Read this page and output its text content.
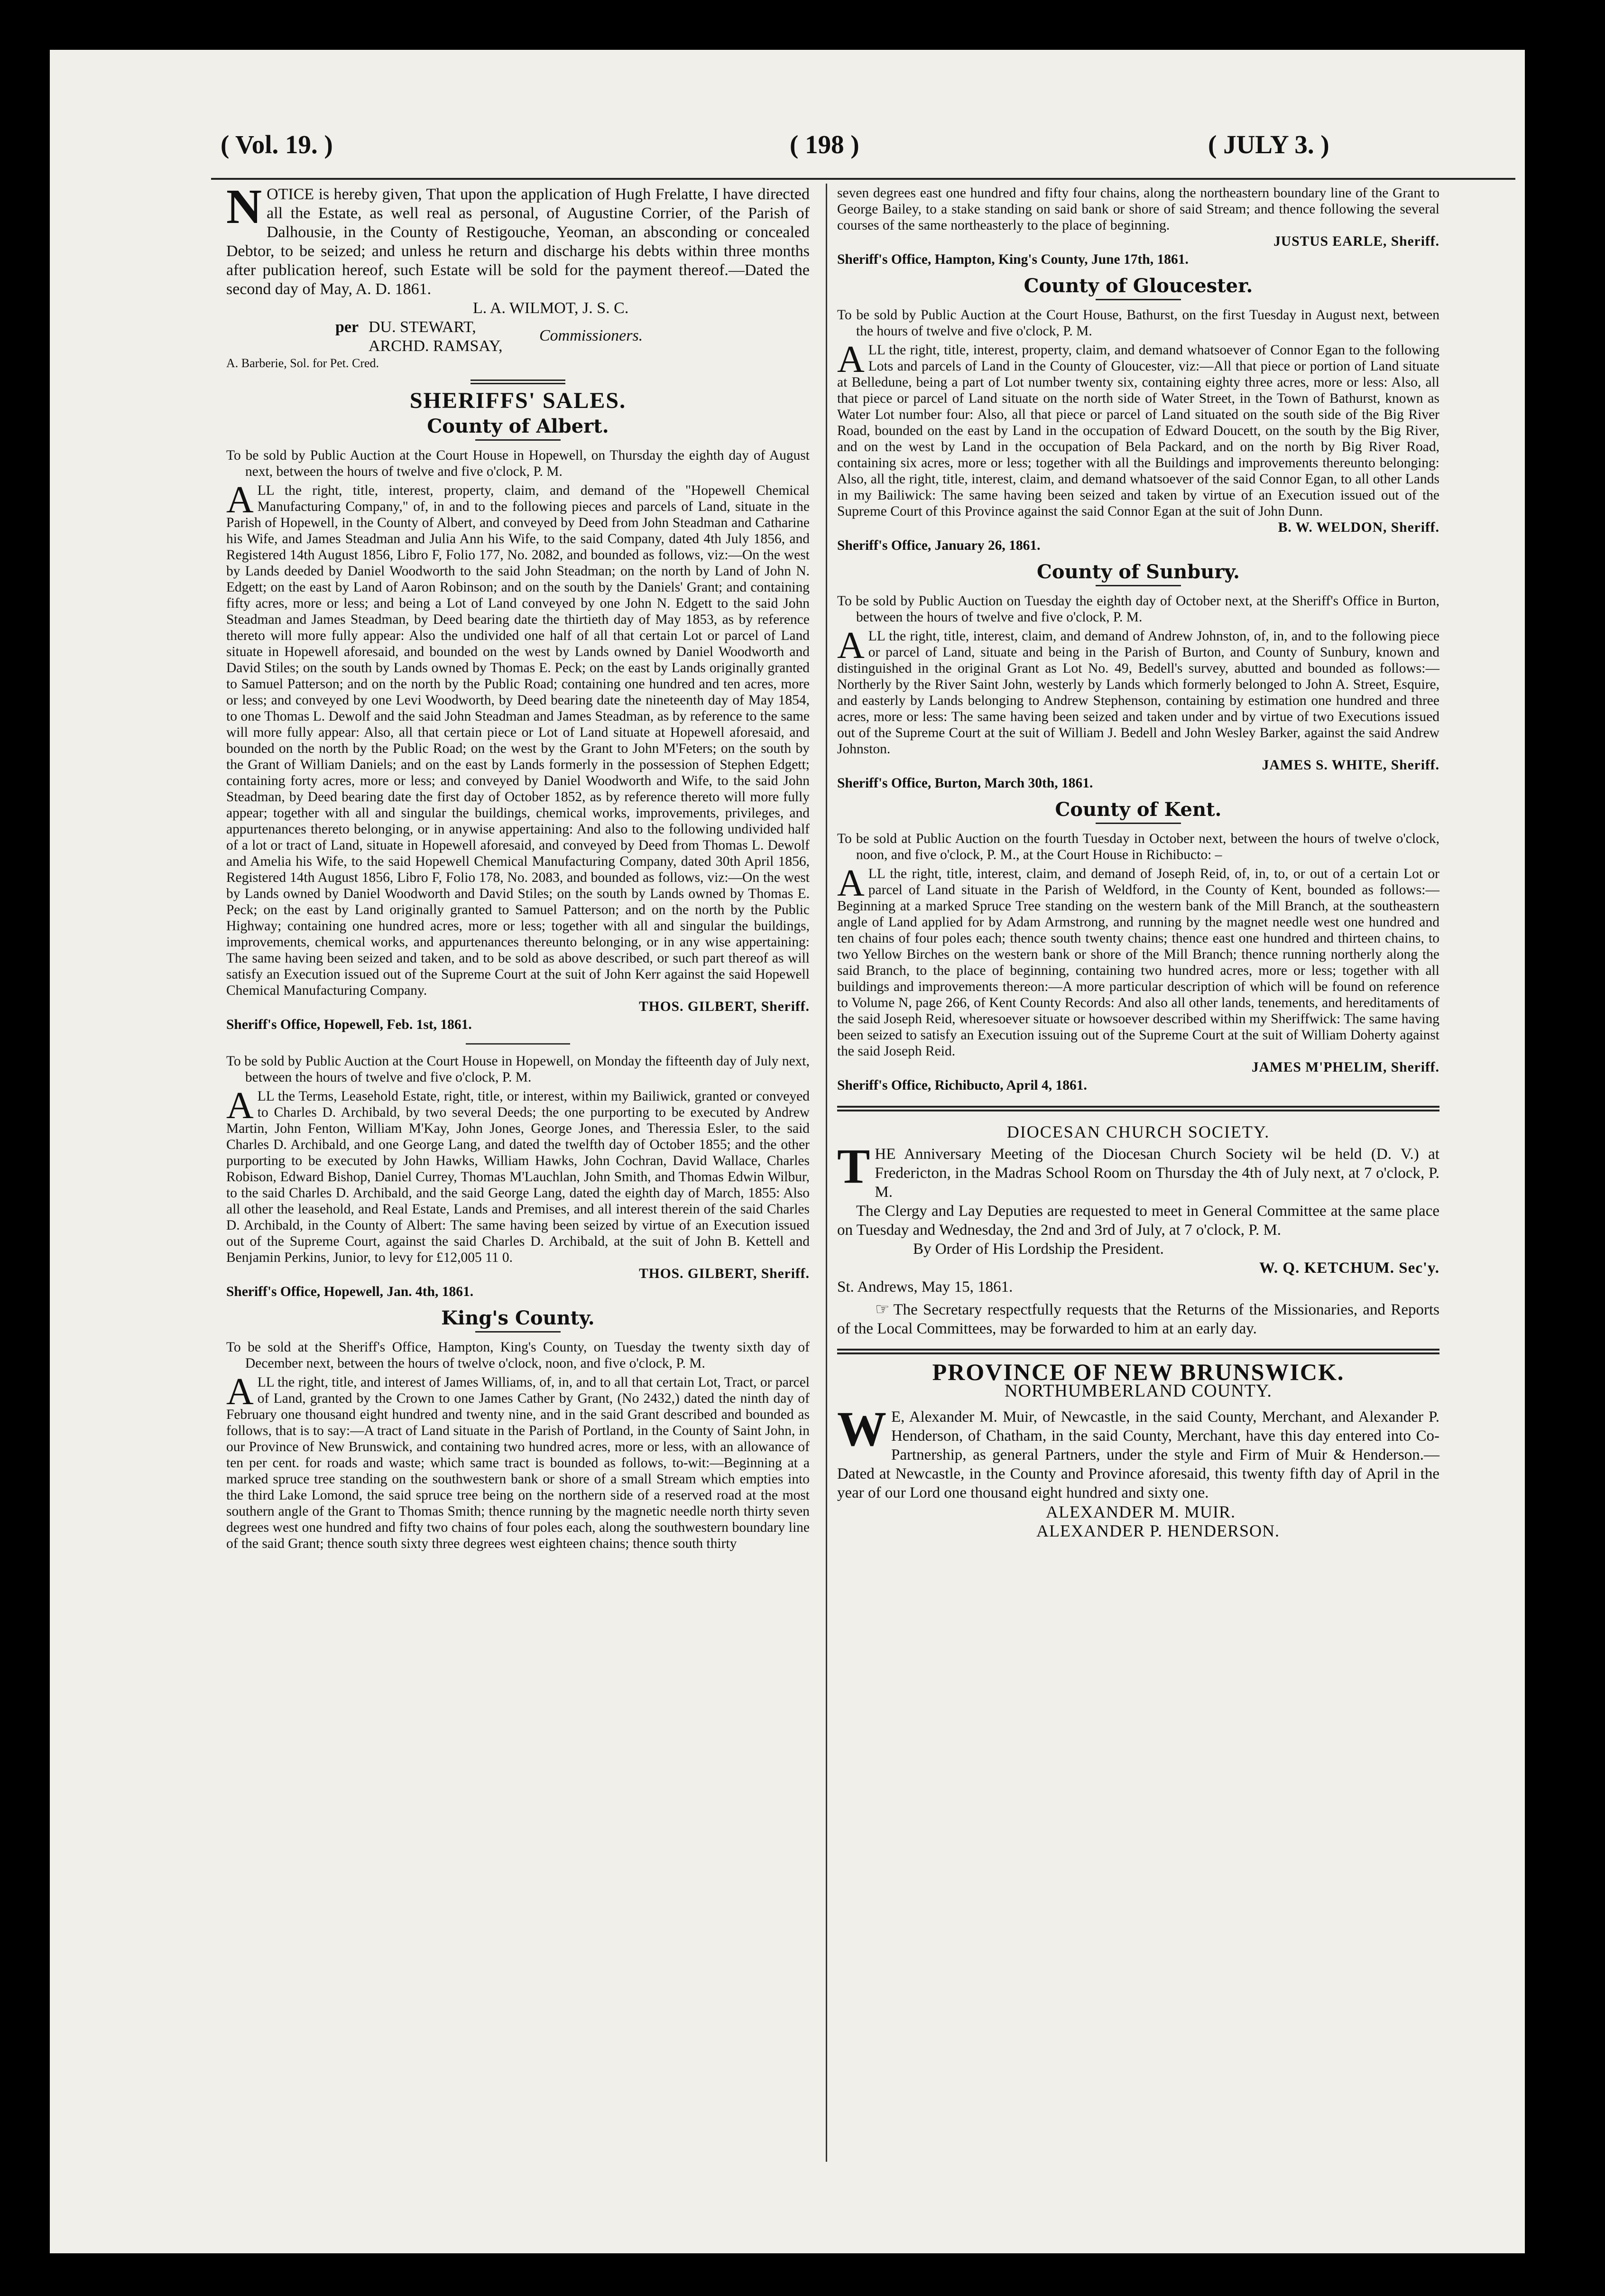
( Vol. 19. )	( 198 )	( JULY 3. )
N OTICE is hereby given, That upon the application of Hugh Frelatte, I have directed all the Estate, as well real as personal, of Augustine Corrier, of the Parish of Dalhousie, in the County of Restigouche, Yeoman, an absconding or concealed Debtor, to be seized; and unless he return and discharge his debts within three months after publication hereof, such Estate will be sold for the payment thereof.—Dated the second day of May, A. D. 1861.

L. A. WILMOT, J. S. C.

per DU. STEWART,
ARCHD. RAMSAY,
Commissioners.

A. Barberie, Sol. for Pet. Cred.

SHERIFFS' SALES.
County of Albert.

To be sold by Public Auction at the Court House in Hopewell, on Thursday the eighth day of August next, between the hours of twelve and five o'clock, P. M.

A LL the right, title, interest, property, claim, and demand of the "Hopewell Chemical Manufacturing Company," of, in and to the following pieces and parcels of Land, situate in the Parish of Hopewell, in the County of Albert, and conveyed by Deed from John Steadman and Catharine his Wife, and James Steadman and Julia Ann his Wife, to the said Company, dated 4th July 1856, and Registered 14th August 1856, Libro F, Folio 177, No. 2082, and bounded as follows, viz:—On the west by Lands deeded by Daniel Woodworth to the said John Steadman; on the north by Land of John N. Edgett; on the east by Land of Aaron Robinson; and on the south by the Daniels' Grant; and containing fifty acres, more or less; and being a Lot of Land conveyed by one John N. Edgett to the said John Steadman and James Steadman, by Deed bearing date the thirtieth day of May 1853, as by reference thereto will more fully appear: Also the undivided one half of all that certain Lot or parcel of Land situate in Hopewell aforesaid, and bounded on the west by Lands owned by Daniel Woodworth and David Stiles; on the south by Lands owned by Thomas E. Peck; on the east by Lands originally granted to Samuel Patterson; and on the north by the Public Road; containing one hundred and ten acres, more or less; and conveyed by one Levi Woodworth, by Deed bearing date the nineteenth day of May 1854, to one Thomas L. Dewolf and the said John Steadman and James Steadman, as by reference to the same will more fully appear: Also, all that certain piece or Lot of Land situate at Hopewell aforesaid, and bounded on the north by the Public Road; on the west by the Grant to John M'Feters; on the south by the Grant of William Daniels; and on the east by Lands formerly in the possession of Stephen Edgett; containing forty acres, more or less; and conveyed by Daniel Woodworth and Wife, to the said John Steadman, by Deed bearing date the first day of October 1852, as by reference thereto will more fully appear; together with all and singular the buildings, chemical works, improvements, privileges, and appurtenances thereto belonging, or in anywise appertaining: And also to the following undivided half of a lot or tract of Land, situate in Hopewell aforesaid, and conveyed by Deed from Thomas L. Dewolf and Amelia his Wife, to the said Hopewell Chemical Manufacturing Company, dated 30th April 1856, Registered 14th August 1856, Libro F, Folio 178, No. 2083, and bounded as follows, viz:—On the west by Lands owned by Daniel Woodworth and David Stiles; on the south by Lands owned by Thomas E. Peck; on the east by Land originally granted to Samuel Patterson; and on the north by the Public Highway; containing one hundred acres, more or less; together with all and singular the buildings, improvements, chemical works, and appurtenances thereunto belonging, or in any wise appertaining: The same having been seized and taken, and to be sold as above described, or such part thereof as will satisfy an Execution issued out of the Supreme Court at the suit of John Kerr against the said Hopewell Chemical Manufacturing Company.

THOS. GILBERT, Sheriff.

Sheriff's Office, Hopewell, Feb. 1st, 1861.

To be sold by Public Auction at the Court House in Hopewell, on Monday the fifteenth day of July next, between the hours of twelve and five o'clock, P. M.

A LL the Terms, Leasehold Estate, right, title, or interest, within my Bailiwick, granted or conveyed to Charles D. Archibald, by two several Deeds; the one purporting to be executed by Andrew Martin, John Fenton, William M'Kay, John Jones, George Jones, and Theressia Esler, to the said Charles D. Archibald, and one George Lang, and dated the twelfth day of October 1855; and the other purporting to be executed by John Hawks, William Hawks, John Cochran, David Wallace, Charles Robison, Edward Bishop, Daniel Currey, Thomas M'Lauchlan, John Smith, and Thomas Edwin Wilbur, to the said Charles D. Archibald, and the said George Lang, dated the eighth day of March, 1855: Also all other the leasehold, and Real Estate, Lands and Premises, and all interest therein of the said Charles D. Archibald, in the County of Albert: The same having been seized by virtue of an Execution issued out of the Supreme Court, against the said Charles D. Archibald, at the suit of John B. Kettell and Benjamin Perkins, Junior, to levy for £12,005 11 0.

THOS. GILBERT, Sheriff.

Sheriff's Office, Hopewell, Jan. 4th, 1861.

King's County.

To be sold at the Sheriff's Office, Hampton, King's County, on Tuesday the twenty sixth day of December next, between the hours of twelve o'clock, noon, and five o'clock, P. M.

A LL the right, title, and interest of James Williams, of, in, and to all that certain Lot, Tract, or parcel of Land, granted by the Crown to one James Cather by Grant, (No 2432,) dated the ninth day of February one thousand eight hundred and twenty nine, and in the said Grant described and bounded as follows, that is to say:—A tract of Land situate in the Parish of Portland, in the County of Saint John, in our Province of New Brunswick, and containing two hundred acres, more or less, with an allowance of ten per cent. for roads and waste; which same tract is bounded as follows, to-wit:—Beginning at a marked spruce tree standing on the southwestern bank or shore of a small Stream which empties into the third Lake Lomond, the said spruce tree being on the northern side of a reserved road at the most southern angle of the Grant to Thomas Smith; thence running by the magnetic needle north thirty seven degrees west one hundred and fifty two chains of four poles each, along the southwestern boundary line of the said Grant; thence south sixty three degrees west eighteen chains; thence south thirty

seven degrees east one hundred and fifty four chains, along the northeastern boundary line of the Grant to George Bailey, to a stake standing on said bank or shore of said Stream; and thence following the several courses of the same northeasterly to the place of beginning.

JUSTUS EARLE, Sheriff.

Sheriff's Office, Hampton, King's County, June 17th, 1861.

County of Gloucester.

To be sold by Public Auction at the Court House, Bathurst, on the first Tuesday in August next, between the hours of twelve and five o'clock, P. M.

A LL the right, title, interest, property, claim, and demand whatsoever of Connor Egan to the following Lots and parcels of Land in the County of Gloucester, viz:—All that piece or portion of Land situate at Belledune, being a part of Lot number twenty six, containing eighty three acres, more or less: Also, all that piece or parcel of Land situate on the north side of Water Street, in the Town of Bathurst, known as Water Lot number four: Also, all that piece or parcel of Land situated on the south side of the Big River Road, bounded on the east by Land in the occupation of Edward Doucett, on the south by the Big River, and on the west by Land in the occupation of Bela Packard, and on the north by Big River Road, containing six acres, more or less; together with all the Buildings and improvements thereunto belonging: Also, all the right, title, interest, claim, and demand whatsoever of the said Connor Egan, to all other Lands in my Bailiwick: The same having been seized and taken by virtue of an Execution issued out of the Supreme Court of this Province against the said Connor Egan at the suit of John Dunn.

B. W. WELDON, Sheriff.

Sheriff's Office, January 26, 1861.

County of Sunbury.

To be sold by Public Auction on Tuesday the eighth day of October next, at the Sheriff's Office in Burton, between the hours of twelve and five o'clock, P. M.

A LL the right, title, interest, claim, and demand of Andrew Johnston, of, in, and to the following piece or parcel of Land, situate and being in the Parish of Burton, and County of Sunbury, known and distinguished in the original Grant as Lot No. 49, Bedell's survey, abutted and bounded as follows:—Northerly by the River Saint John, westerly by Lands which formerly belonged to John A. Street, Esquire, and easterly by Lands belonging to Andrew Stephenson, containing by estimation one hundred and three acres, more or less: The same having been seized and taken under and by virtue of two Executions issued out of the Supreme Court at the suit of William J. Bedell and John Wesley Barker, against the said Andrew Johnston.

JAMES S. WHITE, Sheriff.

Sheriff's Office, Burton, March 30th, 1861.

County of Kent.

To be sold at Public Auction on the fourth Tuesday in October next, between the hours of twelve o'clock, noon, and five o'clock, P. M., at the Court House in Richibucto: –

A LL the right, title, interest, claim, and demand of Joseph Reid, of, in, to, or out of a certain Lot or parcel of Land situate in the Parish of Weldford, in the County of Kent, bounded as follows:—Beginning at a marked Spruce Tree standing on the western bank of the Mill Branch, at the southeastern angle of Land applied for by Adam Armstrong, and running by the magnet needle west one hundred and ten chains of four poles each; thence south twenty chains; thence east one hundred and thirteen chains, to two Yellow Birches on the western bank or shore of the Mill Branch; thence running northerly along the said Branch, to the place of beginning, containing two hundred acres, more or less; together with all buildings and improvements thereon:—A more particular description of which will be found on reference to Volume N, page 266, of Kent County Records: And also all other lands, tenements, and hereditaments of the said Joseph Reid, wheresoever situate or howsoever described within my Sheriffwick: The same having been seized to satisfy an Execution issuing out of the Supreme Court at the suit of William Doherty against the said Joseph Reid.

JAMES M'PHELIM, Sheriff.

Sheriff's Office, Richibucto, April 4, 1861.

DIOCESAN CHURCH SOCIETY.
T HE Anniversary Meeting of the Diocesan Church Society wil be held (D. V.) at Fredericton, in the Madras School Room on Thursday the 4th of July next, at 7 o'clock, P. M.

The Clergy and Lay Deputies are requested to meet in General Committee at the same place on Tuesday and Wednesday, the 2nd and 3rd of July, at 7 o'clock, P. M.

By Order of His Lordship the President.

W. Q. KETCHUM. Sec'y.

St. Andrews, May 15, 1861.

☞ The Secretary respectfully requests that the Returns of the Missionaries, and Reports of the Local Committees, may be forwarded to him at an early day.

PROVINCE OF NEW BRUNSWICK.
NORTHUMBERLAND COUNTY.
W E, Alexander M. Muir, of Newcastle, in the said County, Merchant, and Alexander P. Henderson, of Chatham, in the said County, Merchant, have this day entered into Co-Partnership, as general Partners, under the style and Firm of Muir & Henderson.—Dated at Newcastle, in the County and Province aforesaid, this twenty fifth day of April in the year of our Lord one thousand eight hundred and sixty one.

ALEXANDER M. MUIR.

ALEXANDER P. HENDERSON.
